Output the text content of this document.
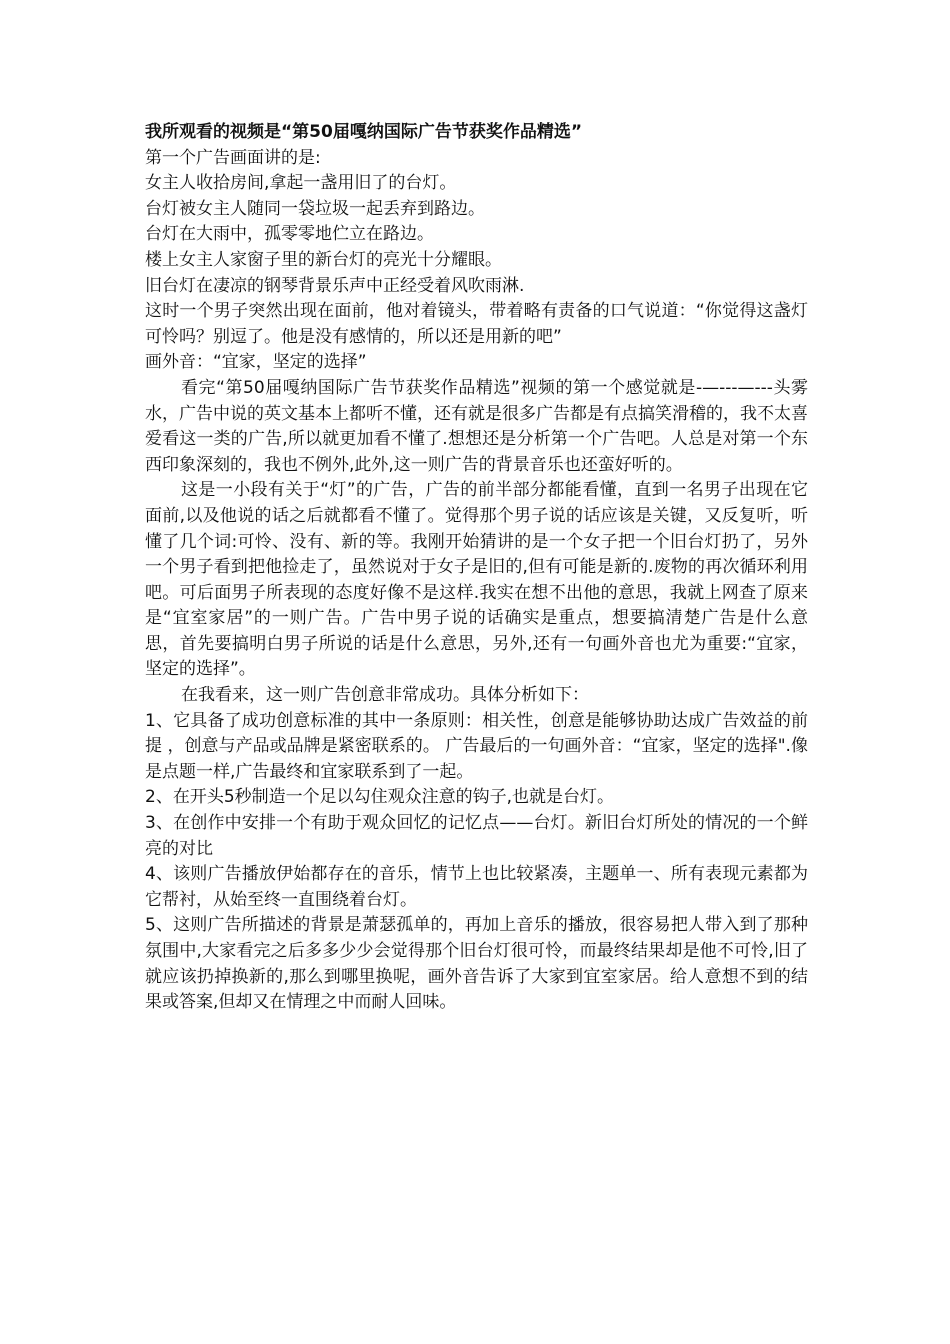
我所观看的视频是“第50届嘎纳国际广告节获奖作品精选”

第一个广告画面讲的是:

女主人收拾房间,拿起一盏用旧了的台灯。

台灯被女主人随同一袋垃圾一起丢弃到路边。

台灯在大雨中，孤零零地伫立在路边。

楼上女主人家窗子里的新台灯的亮光十分耀眼。

旧台灯在凄凉的钢琴背景乐声中正经受着风吹雨淋.

这时一个男子突然出现在面前，他对着镜头，带着略有责备的口气说道：“你觉得这盏灯可怜吗？别逗了。他是没有感情的，所以还是用新的吧”

画外音：“宜家，坚定的选择”

看完“第50届嘎纳国际广告节获奖作品精选”视频的第一个感觉就是-—---—---头雾水，广告中说的英文基本上都听不懂，还有就是很多广告都是有点搞笑滑稽的，我不太喜爱看这一类的广告,所以就更加看不懂了.想想还是分析第一个广告吧。人总是对第一个东西印象深刻的，我也不例外,此外,这一则广告的背景音乐也还蛮好听的。

这是一小段有关于“灯”的广告，广告的前半部分都能看懂，直到一名男子出现在它面前,以及他说的话之后就都看不懂了。觉得那个男子说的话应该是关键，又反复听，听懂了几个词:可怜、没有、新的等。我刚开始猜讲的是一个女子把一个旧台灯扔了，另外一个男子看到把他捡走了，虽然说对于女子是旧的,但有可能是新的.废物的再次循环利用吧。可后面男子所表现的态度好像不是这样.我实在想不出他的意思，我就上网查了原来是“宜室家居”的一则广告。广告中男子说的话确实是重点，想要搞清楚广告是什么意思，首先要搞明白男子所说的话是什么意思，另外,还有一句画外音也尤为重要:“宜家，坚定的选择”。

在我看来，这一则广告创意非常成功。具体分析如下：

1、它具备了成功创意标准的其中一条原则：相关性，创意是能够协助达成广告效益的前提 ，创意与产品或品牌是紧密联系的。 广告最后的一句画外音：“宜家，坚定的选择".像是点题一样,广告最终和宜家联系到了一起。

2、在开头5秒制造一个足以勾住观众注意的钩子,也就是台灯。

3、在创作中安排一个有助于观众回忆的记忆点——台灯。新旧台灯所处的情况的一个鲜亮的对比

4、该则广告播放伊始都存在的音乐，情节上也比较紧凑，主题单一、所有表现元素都为它帮衬，从始至终一直围绕着台灯。

5、这则广告所描述的背景是萧瑟孤单的，再加上音乐的播放，很容易把人带入到了那种氛围中,大家看完之后多多少少会觉得那个旧台灯很可怜，而最终结果却是他不可怜,旧了就应该扔掉换新的,那么到哪里换呢，画外音告诉了大家到宜室家居。给人意想不到的结果或答案,但却又在情理之中而耐人回味。
